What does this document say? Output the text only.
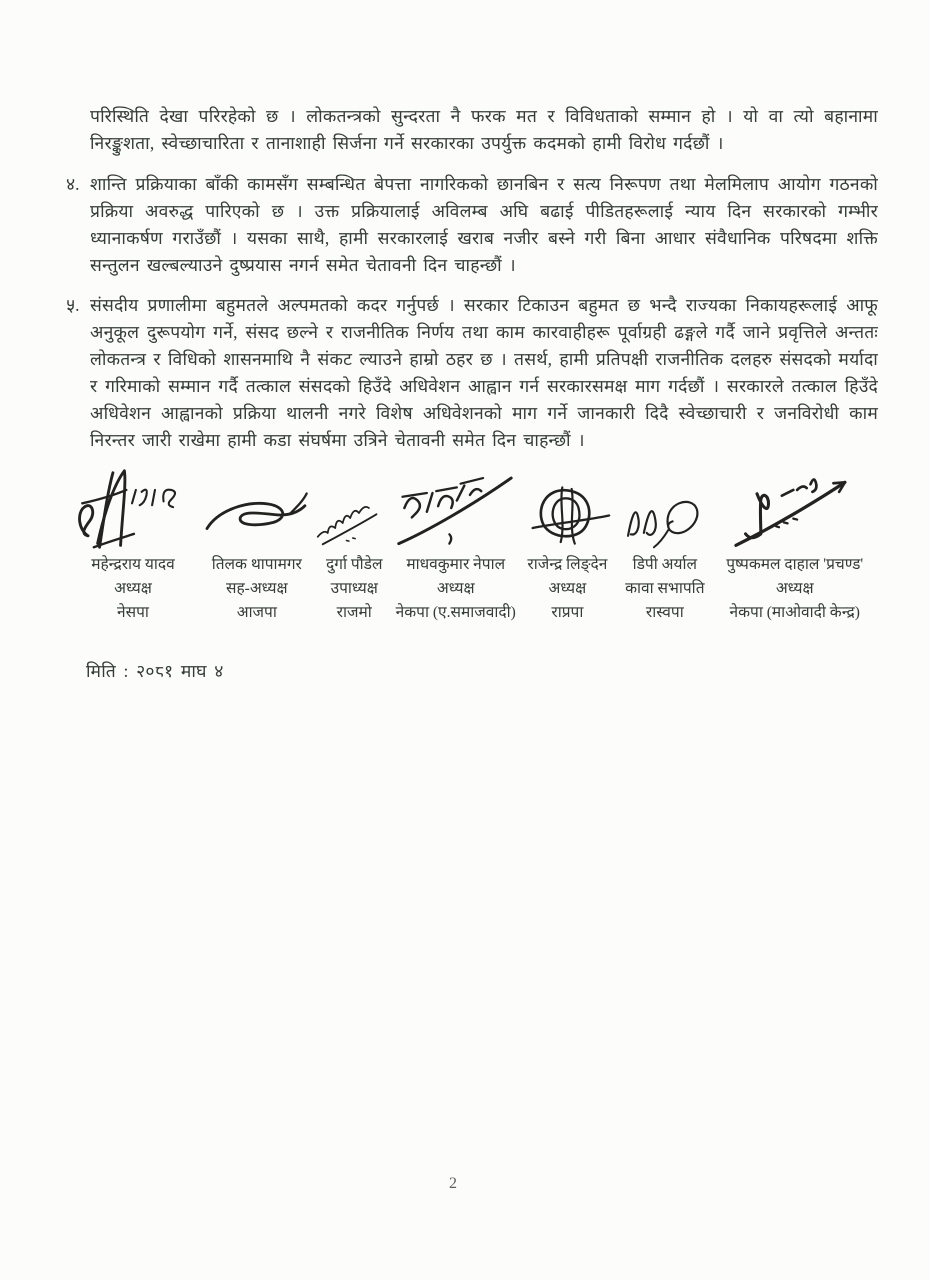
परिस्थिति देखा परिरहेको छ । लोकतन्त्रको सुन्दरता नै फरक मत र विविधताको सम्मान हो । यो वा त्यो बहानामा निरङ्कुशता, स्वेच्छाचारिता र तानाशाही सिर्जना गर्ने सरकारका उपर्युक्त कदमको हामी विरोध गर्दछौं ।

४. शान्ति प्रक्रियाका बाँकी कामसँग सम्बन्धित बेपत्ता नागरिकको छानबिन र सत्य निरूपण तथा मेलमिलाप आयोग गठनको प्रक्रिया अवरुद्ध पारिएको छ । उक्त प्रक्रियालाई अविलम्ब अघि बढाई पीडितहरूलाई न्याय दिन सरकारको गम्भीर ध्यानाकर्षण गराउँछौं । यसका साथै, हामी सरकारलाई खराब नजीर बस्ने गरी बिना आधार संवैधानिक परिषदमा शक्ति सन्तुलन खल्बल्याउने दुष्प्रयास नगर्न समेत चेतावनी दिन चाहन्छौं ।

५. संसदीय प्रणालीमा बहुमतले अल्पमतको कदर गर्नुपर्छ । सरकार टिकाउन बहुमत छ भन्दै राज्यका निकायहरूलाई आफू अनुकूल दुरूपयोग गर्ने, संसद छल्ने र राजनीतिक निर्णय तथा काम कारवाहीहरू पूर्वाग्रही ढङ्गले गर्दै जाने प्रवृत्तिले अन्ततः लोकतन्त्र र विधिको शासनमाथि नै संकट ल्याउने हाम्रो ठहर छ । तसर्थ, हामी प्रतिपक्षी राजनीतिक दलहरु संसदको मर्यादा र गरिमाको सम्मान गर्दै तत्काल संसदको हिउँदे अधिवेशन आह्वान गर्न सरकारसमक्ष माग गर्दछौं । सरकारले तत्काल हिउँदे अधिवेशन आह्वानको प्रक्रिया थालनी नगरे विशेष अधिवेशनको माग गर्ने जानकारी दिदै स्वेच्छाचारी र जनविरोधी काम निरन्तर जारी राखेमा हामी कडा संघर्षमा उत्रिने चेतावनी समेत दिन चाहन्छौं ।

महेन्द्रराय यादव
अध्यक्ष
नेसपा
तिलक थापामगर
सह-अध्यक्ष
आजपा
दुर्गा पौडेल
उपाध्यक्ष
राजमो
माधवकुमार नेपाल
अध्यक्ष
नेकपा (ए.समाजवादी)
राजेन्द्र लिङ्देन
अध्यक्ष
राप्रपा
डिपी अर्याल
कावा सभापति
रास्वपा
पुष्पकमल दाहाल 'प्रचण्ड'
अध्यक्ष
नेकपा (माओवादी केन्द्र)

मिति : २०८१ माघ ४

2
